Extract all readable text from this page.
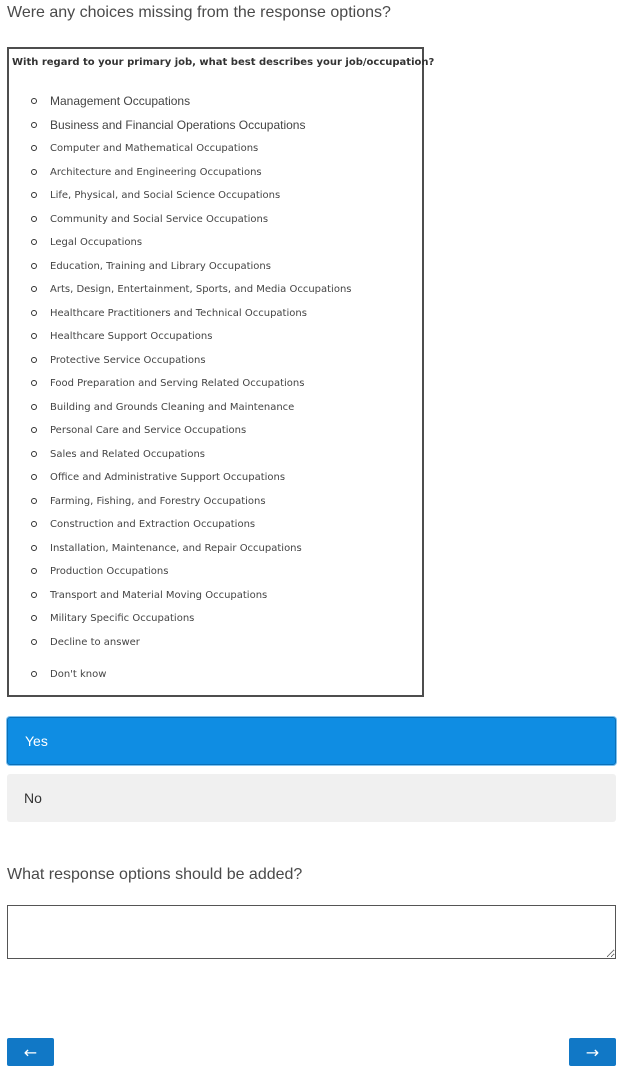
Were any choices missing from the response options?
With regard to your primary job, what best describes your job/occupation?
Management Occupations
Business and Financial Operations Occupations
Computer and Mathematical Occupations
Architecture and Engineering Occupations
Life, Physical, and Social Science Occupations
Community and Social Service Occupations
Legal Occupations
Education, Training and Library Occupations
Arts, Design, Entertainment, Sports, and Media Occupations
Healthcare Practitioners and Technical Occupations
Healthcare Support Occupations
Protective Service Occupations
Food Preparation and Serving Related Occupations
Building and Grounds Cleaning and Maintenance
Personal Care and Service Occupations
Sales and Related Occupations
Office and Administrative Support Occupations
Farming, Fishing, and Forestry Occupations
Construction and Extraction Occupations
Installation, Maintenance, and Repair Occupations
Production Occupations
Transport and Material Moving Occupations
Military Specific Occupations
Decline to answer
Don't know
Yes
No
What response options should be added?
←	→
